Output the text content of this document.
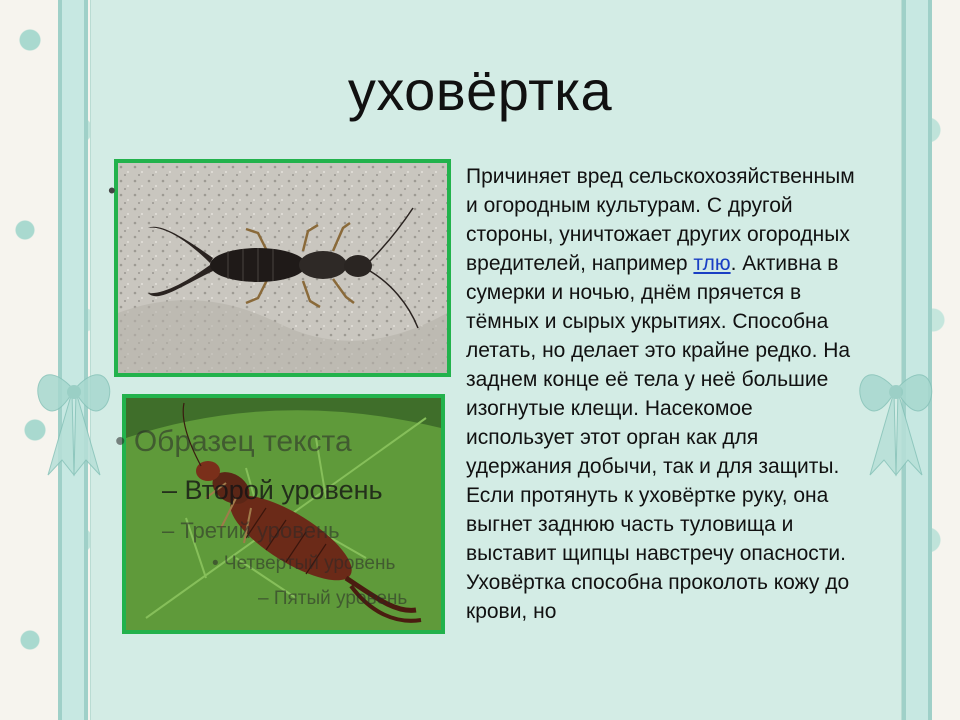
уховёртка
•
• Образец текста
– Второй уровень
– Третий уровень
• Четвертый уровень
– Пятый уровень
Причиняет вред сельскохозяйственным и огородным культурам. С другой стороны, уничтожает других огородных вредителей, например тлю. Активна в сумерки и ночью, днём прячется в тёмных и сырых укрытиях. Способна летать, но делает это крайне редко. На заднем конце её тела у неё большие изогнутые клещи. Насекомое использует этот орган как для удержания добычи, так и для защиты. Если протянуть к уховёртке руку, она выгнет заднюю часть туловища и выставит щипцы навстречу опасности. Уховёртка способна проколоть кожу до крови, но
